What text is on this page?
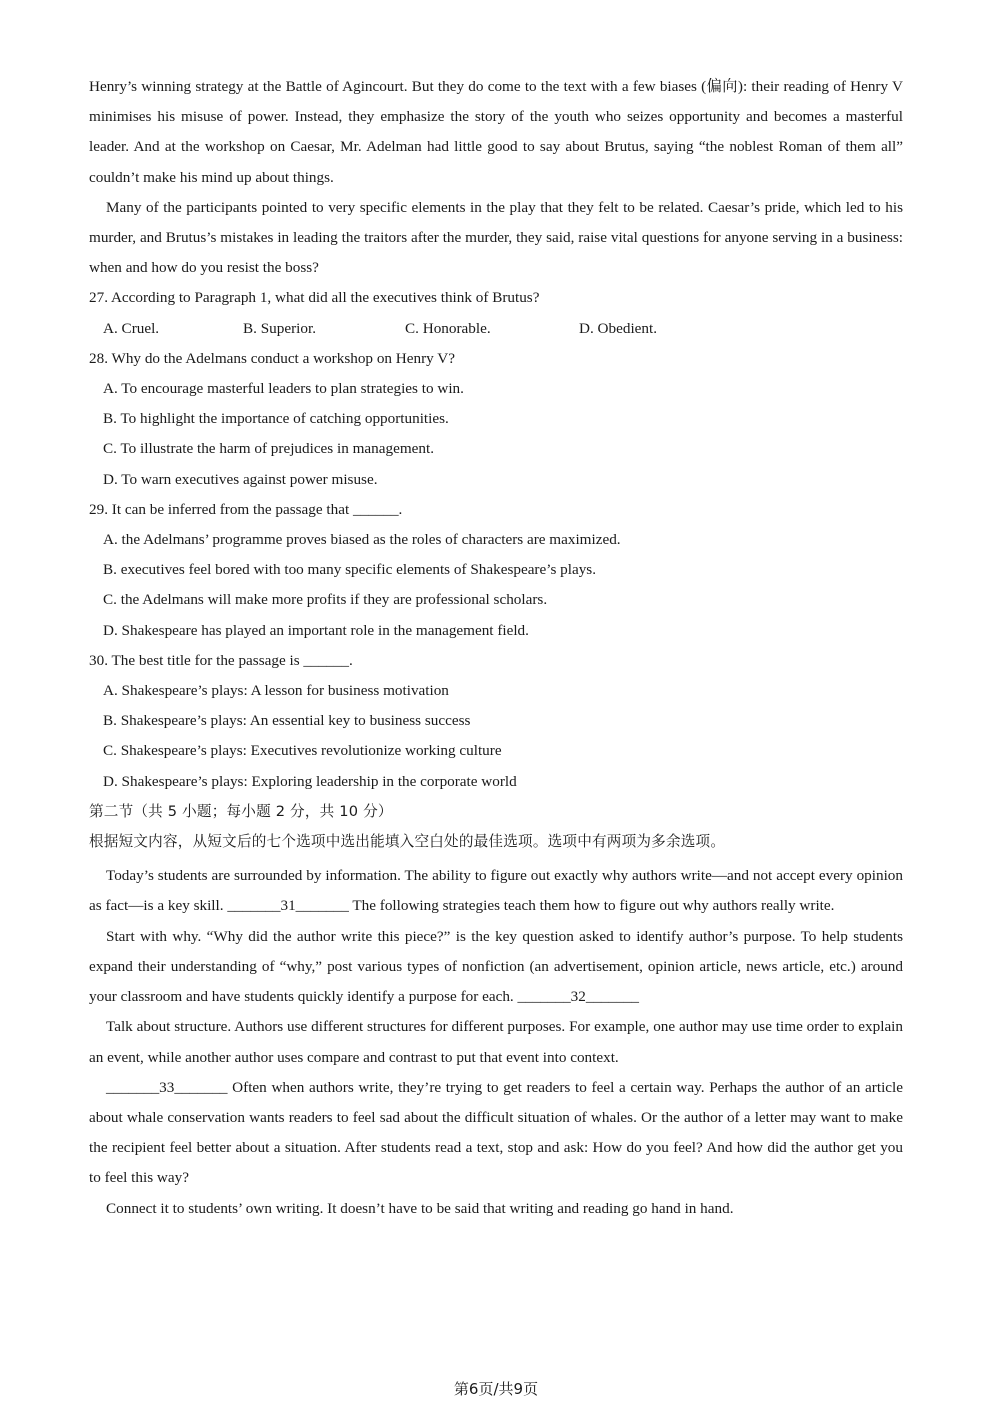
Henry’s winning strategy at the Battle of Agincourt. But they do come to the text with a few biases (偏向): their reading of Henry V minimises his misuse of power. Instead, they emphasize the story of the youth who seizes opportunity and becomes a masterful leader. And at the workshop on Caesar, Mr. Adelman had little good to say about Brutus, saying “the noblest Roman of them all” couldn’t make his mind up about things.

Many of the participants pointed to very specific elements in the play that they felt to be related. Caesar’s pride, which led to his murder, and Brutus’s mistakes in leading the traitors after the murder, they said, raise vital questions for anyone serving in a business: when and how do you resist the boss?

27. According to Paragraph 1, what did all the executives think of Brutus?

A. Cruel.	B. Superior.	C. Honorable.	D. Obedient.

28. Why do the Adelmans conduct a workshop on Henry V?

A. To encourage masterful leaders to plan strategies to win.

B. To highlight the importance of catching opportunities.

C. To illustrate the harm of prejudices in management.

D. To warn executives against power misuse.

29. It can be inferred from the passage that ______.

A. the Adelmans’ programme proves biased as the roles of characters are maximized.

B. executives feel bored with too many specific elements of Shakespeare’s plays.

C. the Adelmans will make more profits if they are professional scholars.

D. Shakespeare has played an important role in the management field.

30. The best title for the passage is ______.

A. Shakespeare’s plays: A lesson for business motivation

B. Shakespeare’s plays: An essential key to business success

C. Shakespeare’s plays: Executives revolutionize working culture

D. Shakespeare’s plays: Exploring leadership in the corporate world

第二节（共 5 小题；每小题 2 分，共 10 分）

根据短文内容，从短文后的七个选项中选出能填入空白处的最佳选项。选项中有两项为多余选项。

Today’s students are surrounded by information. The ability to figure out exactly why authors write—and not accept every opinion as fact—is a key skill. _______31_______ The following strategies teach them how to figure out why authors really write.

Start with why. “Why did the author write this piece?” is the key question asked to identify author’s purpose. To help students expand their understanding of “why,” post various types of nonfiction (an advertisement, opinion article, news article, etc.) around your classroom and have students quickly identify a purpose for each. _______32_______

Talk about structure. Authors use different structures for different purposes. For example, one author may use time order to explain an event, while another author uses compare and contrast to put that event into context.

_______33_______ Often when authors write, they’re trying to get readers to feel a certain way. Perhaps the author of an article about whale conservation wants readers to feel sad about the difficult situation of whales. Or the author of a letter may want to make the recipient feel better about a situation. After students read a text, stop and ask: How do you feel? And how did the author get you to feel this way?

Connect it to students’ own writing. It doesn’t have to be said that writing and reading go hand in hand.

第6页/共9页
